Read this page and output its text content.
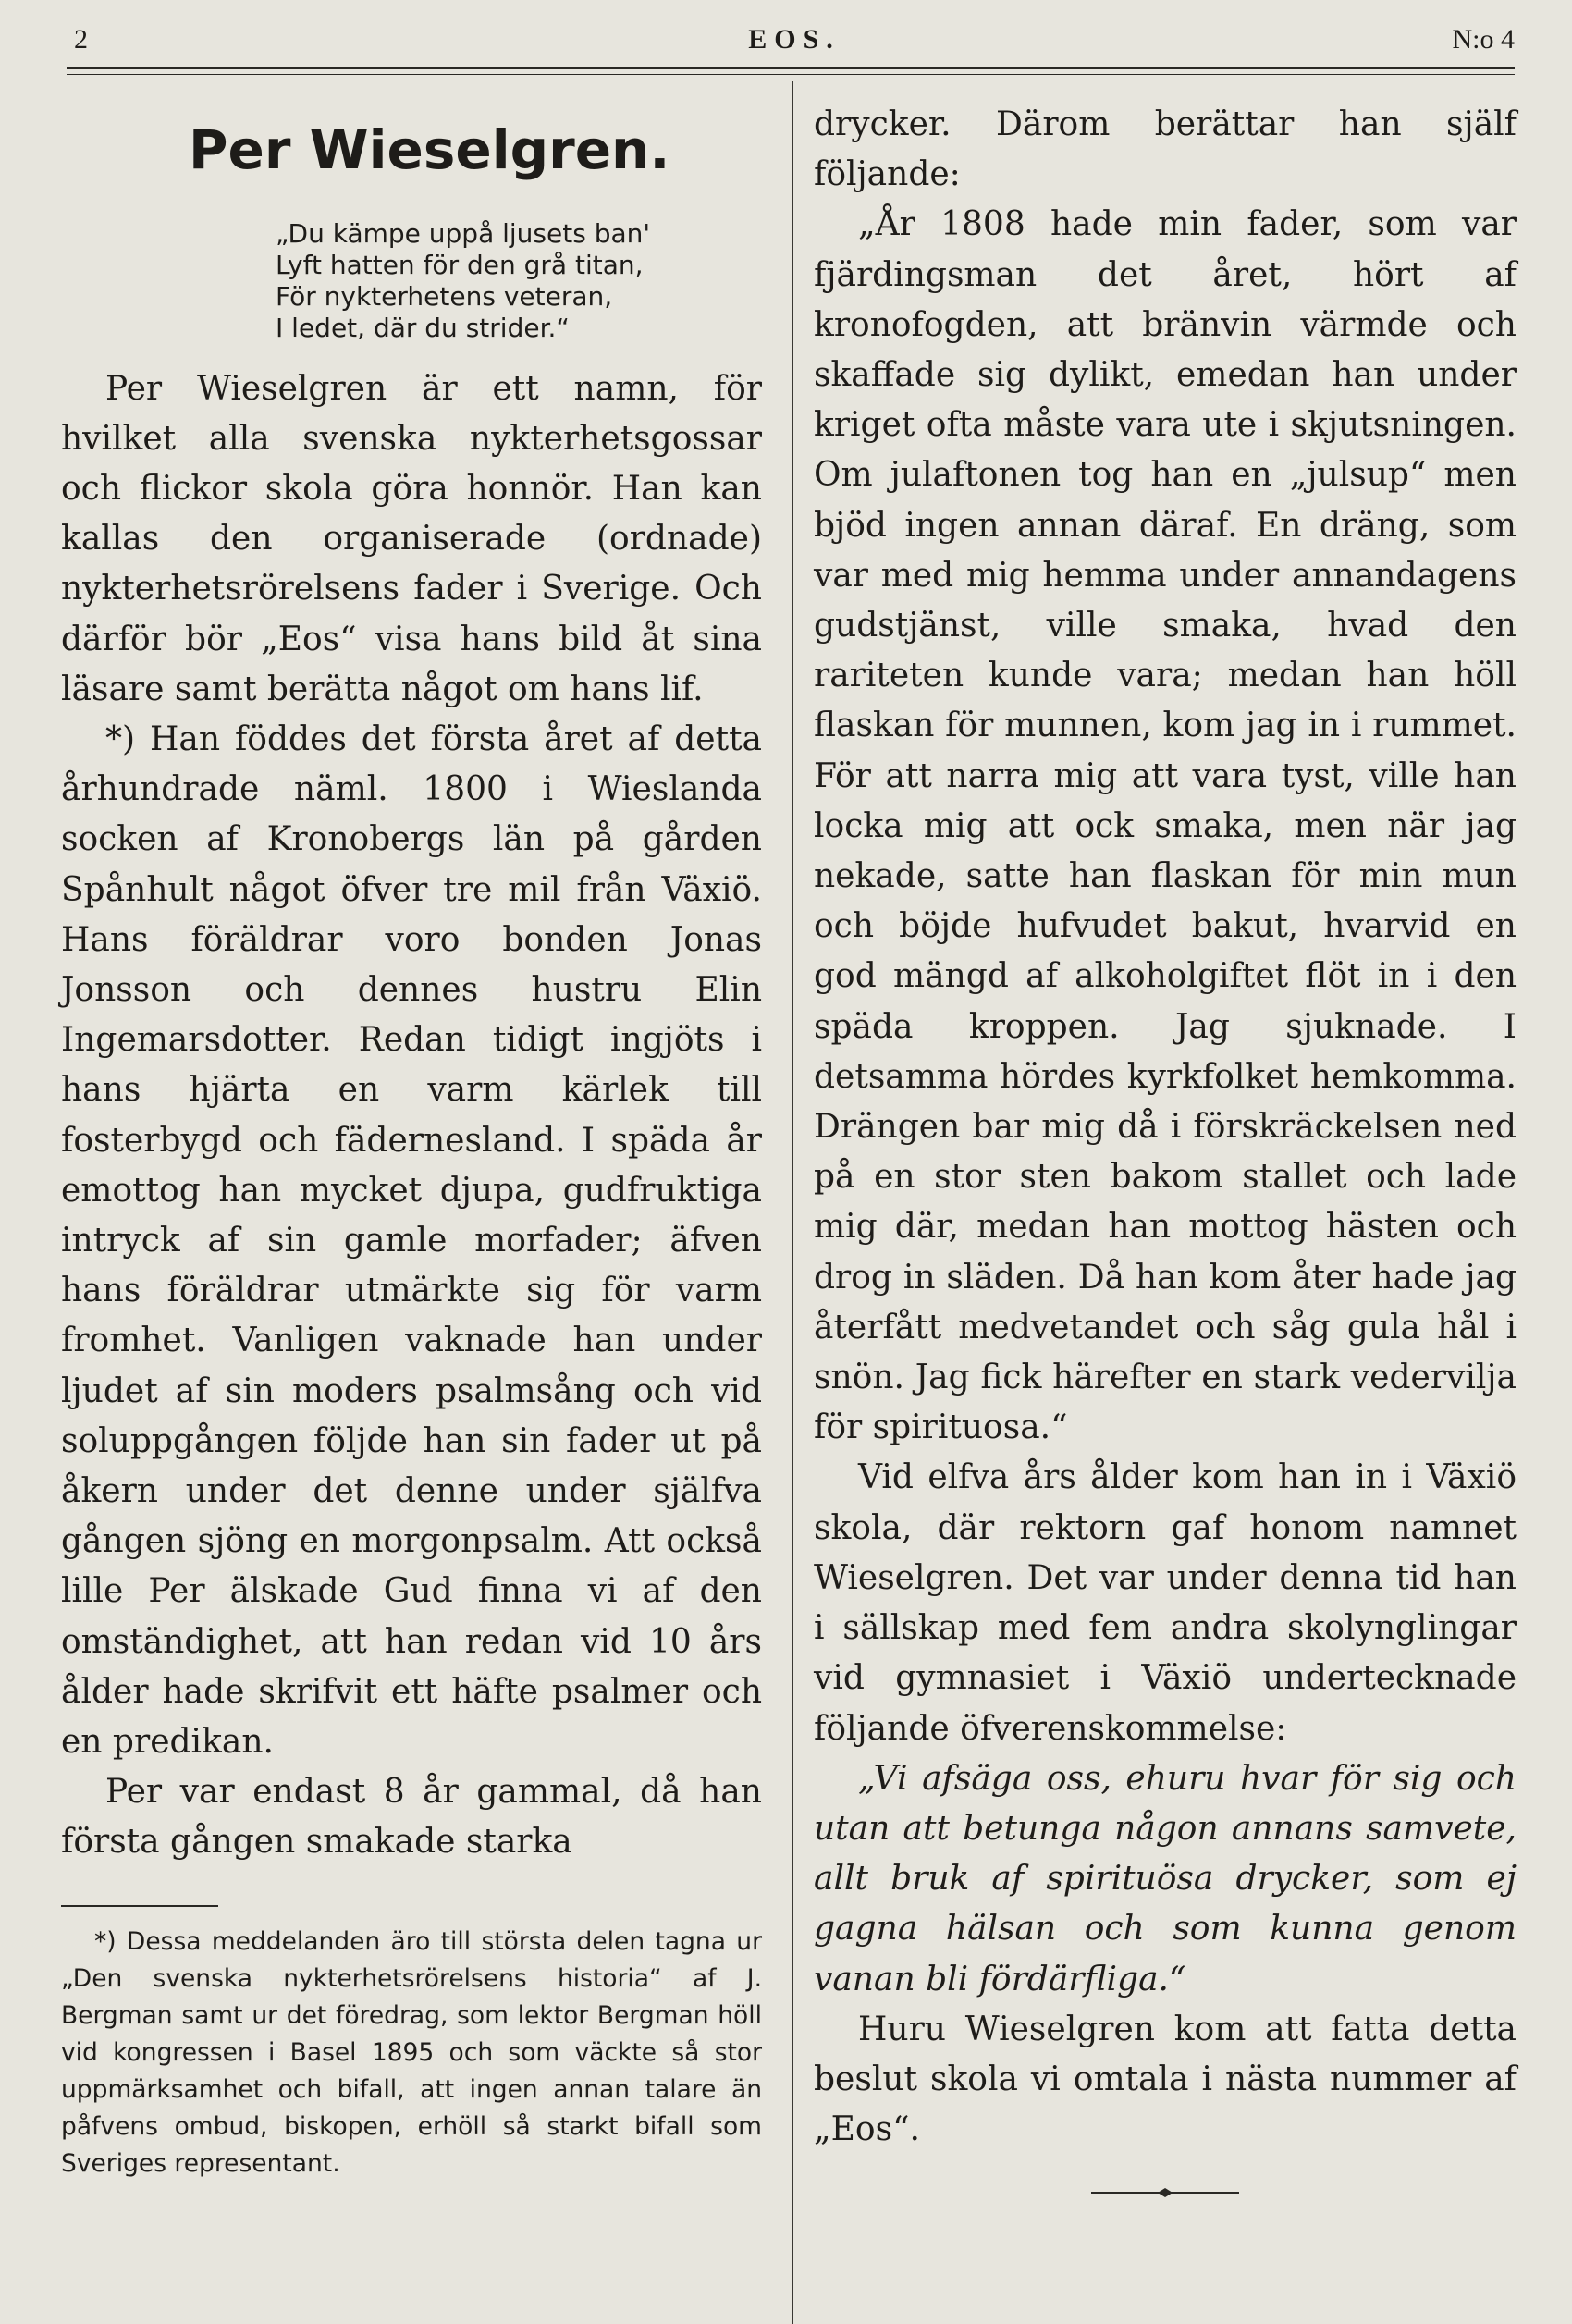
2	EOS.	N:o 4
Per Wieselgren.
„Du kämpe uppå ljusets ban'
Lyft hatten för den grå titan,
För nykterhetens veteran,
I ledet, där du strider.“

Per Wieselgren är ett namn, för hvilket alla svenska nykterhetsgossar och flickor skola göra honnör. Han kan kallas den organiserade (ordnade) nykterhetsrörelsens fader i Sverige. Och därför bör „Eos“ visa hans bild åt sina läsare samt berätta något om hans lif.

*) Han föddes det första året af detta århundrade näml. 1800 i Wieslanda socken af Kronobergs län på gården Spånhult något öfver tre mil från Växiö. Hans föräldrar voro bonden Jonas Jonsson och dennes hustru Elin Ingemarsdotter. Redan tidigt ingjöts i hans hjärta en varm kärlek till fosterbygd och fädernesland. I späda år emottog han mycket djupa, gudfruktiga intryck af sin gamle morfader; äfven hans föräldrar utmärkte sig för varm fromhet. Vanligen vaknade han under ljudet af sin moders psalmsång och vid soluppgången följde han sin fader ut på åkern under det denne under själfva gången sjöng en morgonpsalm. Att också lille Per älskade Gud finna vi af den omständighet, att han redan vid 10 års ålder hade skrifvit ett häfte psalmer och en predikan.

Per var endast 8 år gammal, då han första gången smakade starka

*) Dessa meddelanden äro till största delen tagna ur „Den svenska nykterhetsrörelsens historia“ af J. Bergman samt ur det föredrag, som lektor Bergman höll vid kongressen i Basel 1895 och som väckte så stor uppmärksamhet och bifall, att ingen annan talare än påfvens ombud, biskopen, erhöll så starkt bifall som Sveriges representant.

drycker. Därom berättar han själf följande:

„År 1808 hade min fader, som var fjärdingsman det året, hört af kronofogden, att bränvin värmde och skaffade sig dylikt, emedan han under kriget ofta måste vara ute i skjutsningen. Om julaftonen tog han en „julsup“ men bjöd ingen annan däraf. En dräng, som var med mig hemma under annandagens gudstjänst, ville smaka, hvad den rariteten kunde vara; medan han höll flaskan för munnen, kom jag in i rummet. För att narra mig att vara tyst, ville han locka mig att ock smaka, men när jag nekade, satte han flaskan för min mun och böjde hufvudet bakut, hvarvid en god mängd af alkoholgiftet flöt in i den späda kroppen. Jag sjuknade. I detsamma hördes kyrkfolket hemkomma. Drängen bar mig då i förskräckelsen ned på en stor sten bakom stallet och lade mig där, medan han mottog hästen och drog in släden. Då han kom åter hade jag återfått medvetandet och såg gula hål i snön. Jag fick härefter en stark vedervilja för spirituosa.“

Vid elfva års ålder kom han in i Växiö skola, där rektorn gaf honom namnet Wieselgren. Det var under denna tid han i sällskap med fem andra skolynglingar vid gymnasiet i Växiö undertecknade följande öfverenskommelse:

„Vi afsäga oss, ehuru hvar för sig och utan att betunga någon annans samvete, allt bruk af spirituösa drycker, som ej gagna hälsan och som kunna genom vanan bli fördärfliga.“

Huru Wieselgren kom att fatta detta beslut skola vi omtala i nästa nummer af „Eos“.
